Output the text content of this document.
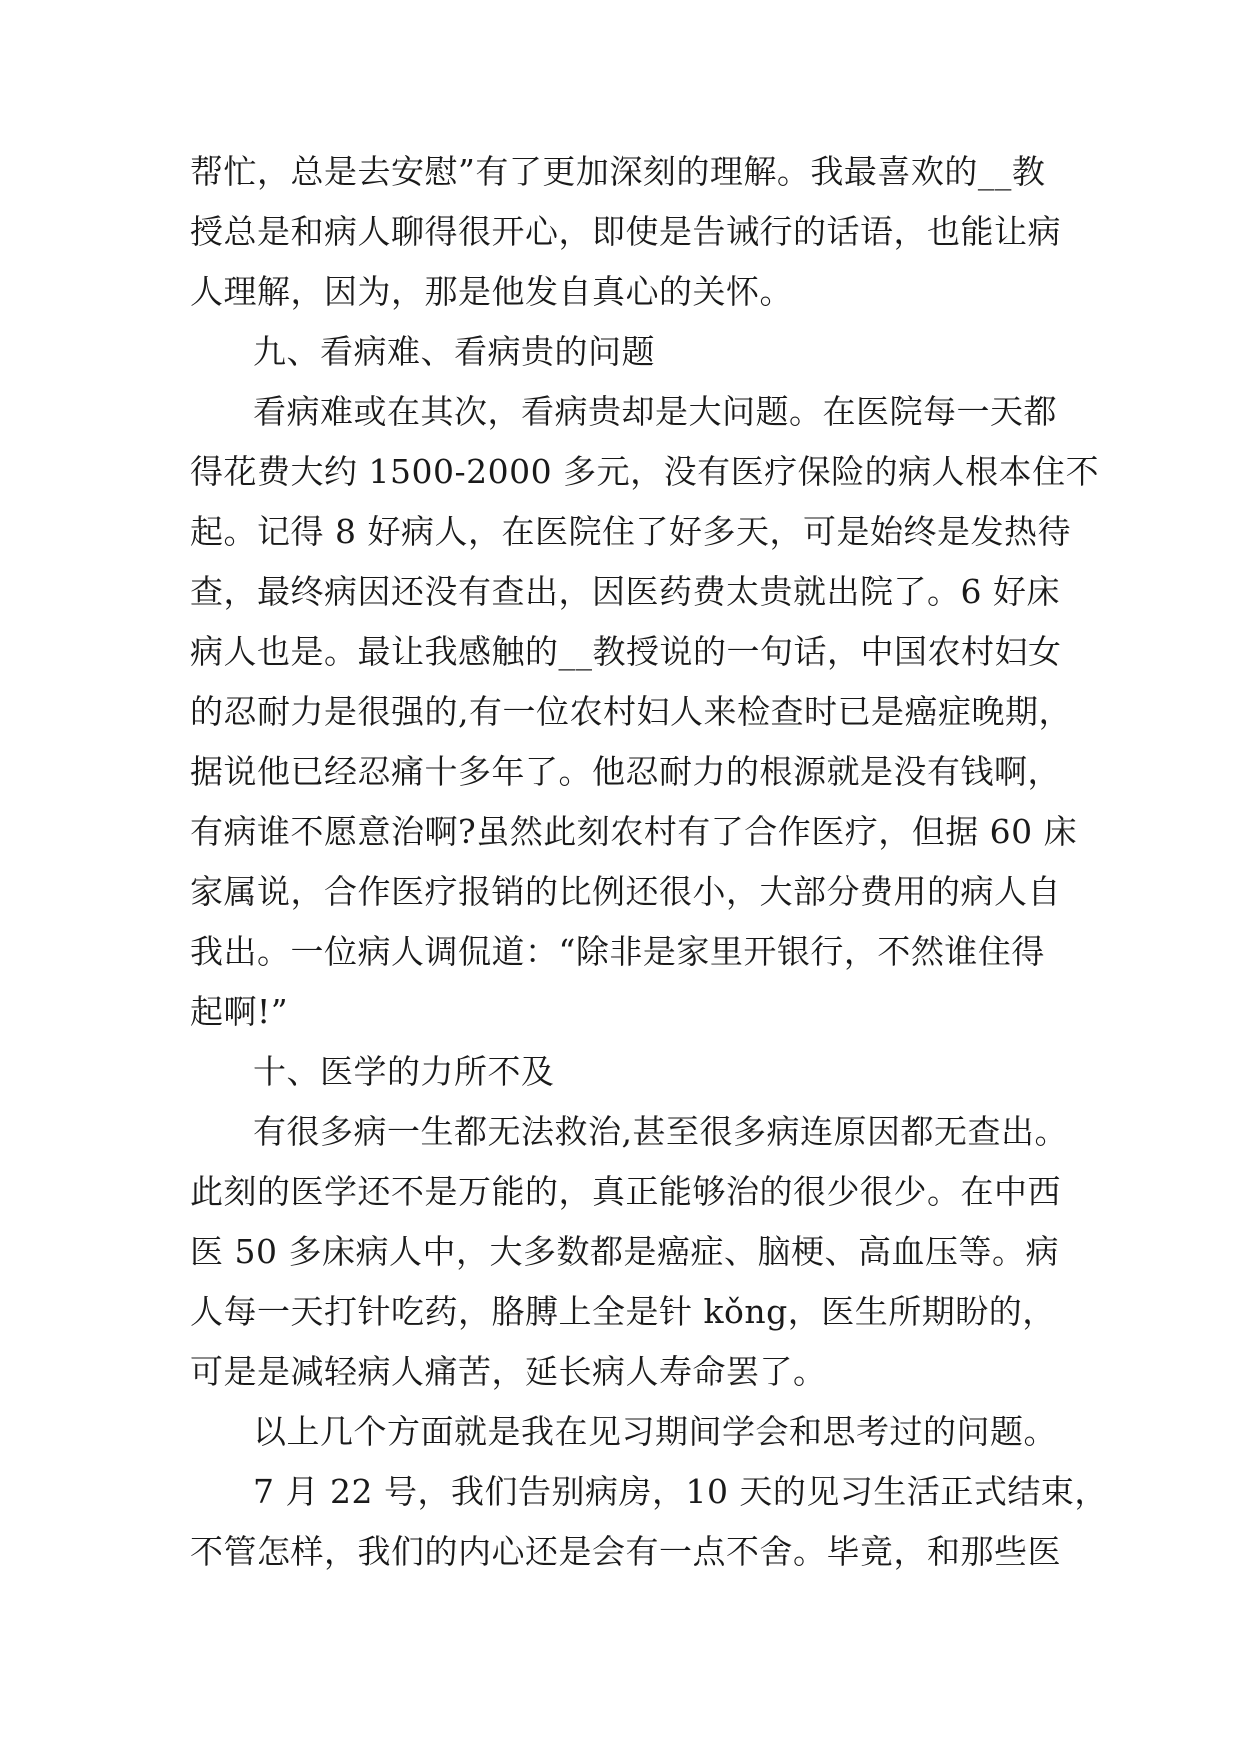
帮忙，总是去安慰”有了更加深刻的理解。我最喜欢的__教
授总是和病人聊得很开心，即使是告诫行的话语，也能让病
人理解，因为，那是他发自真心的关怀。
九、看病难、看病贵的问题
看病难或在其次，看病贵却是大问题。在医院每一天都
得花费大约 1500-2000 多元，没有医疗保险的病人根本住不
起。记得 8 好病人，在医院住了好多天，可是始终是发热待
查，最终病因还没有查出，因医药费太贵就出院了。6 好床
病人也是。最让我感触的__教授说的一句话，中国农村妇女
的忍耐力是很强的,有一位农村妇人来检查时已是癌症晚期，
据说他已经忍痛十多年了。他忍耐力的根源就是没有钱啊，
有病谁不愿意治啊?虽然此刻农村有了合作医疗，但据 60 床
家属说，合作医疗报销的比例还很小，大部分费用的病人自
我出。一位病人调侃道：“除非是家里开银行，不然谁住得
起啊!”
十、医学的力所不及
有很多病一生都无法救治,甚至很多病连原因都无查出。
此刻的医学还不是万能的，真正能够治的很少很少。在中西
医 50 多床病人中，大多数都是癌症、脑梗、高血压等。病
人每一天打针吃药，胳膊上全是针 kǒng，医生所期盼的，
可是是减轻病人痛苦，延长病人寿命罢了。
以上几个方面就是我在见习期间学会和思考过的问题。
7 月 22 号，我们告别病房，10 天的见习生活正式结束，
不管怎样，我们的内心还是会有一点不舍。毕竟，和那些医
